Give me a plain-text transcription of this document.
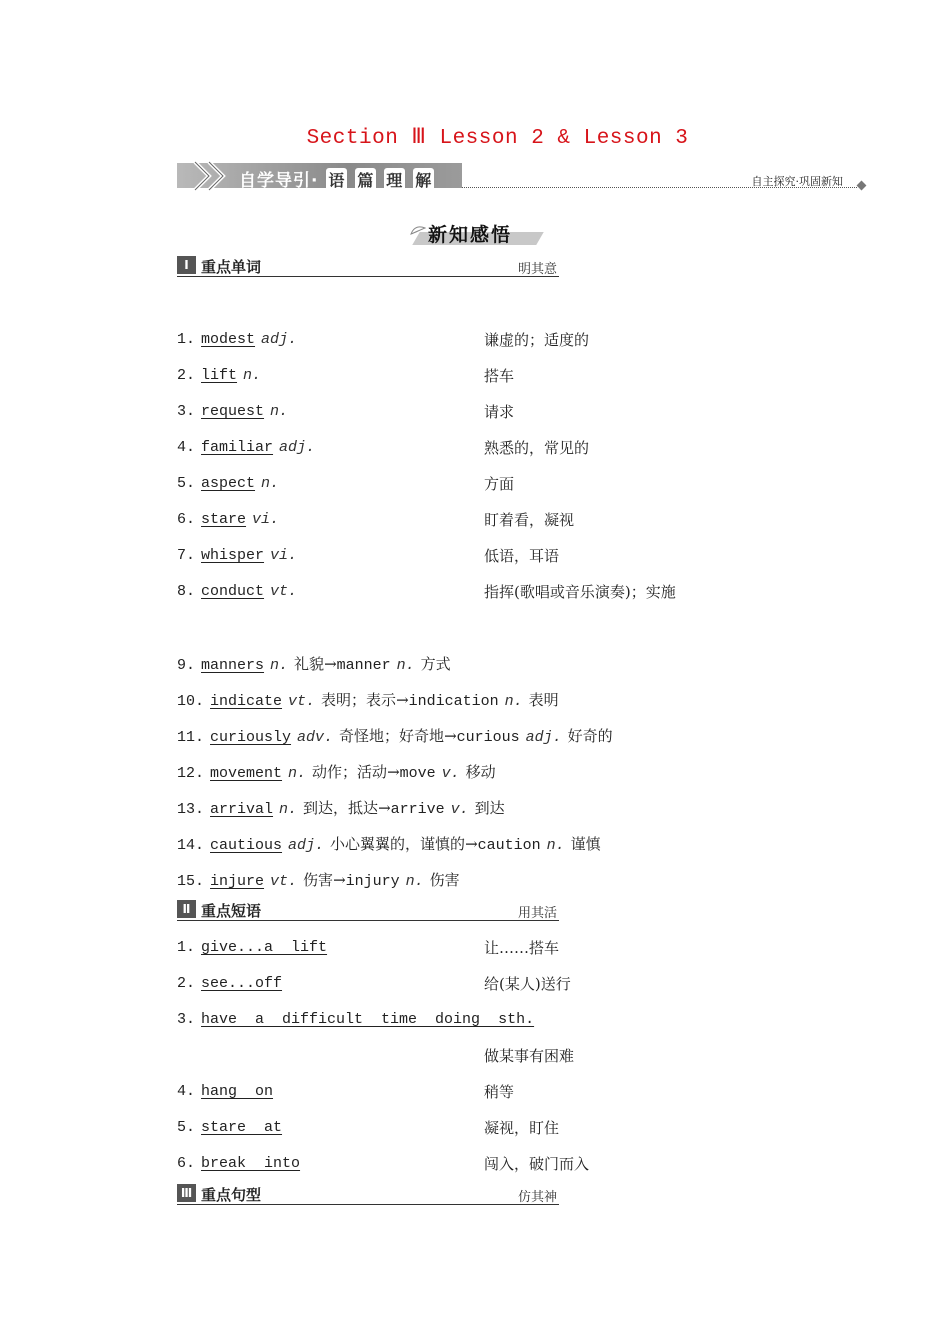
Section Ⅲ Lesson 2 & Lesson 3
自学导引· 语 篇 理 解	自主探究·巩固新知
新知感悟
Ⅰ 重点单词	明其意
1. modest adj.	谦虚的；适度的
2. lift n.	搭车
3. request n.	请求
4. familiar adj.	熟悉的，常见的
5. aspect n.	方面
6. stare vi.	盯着看，凝视
7. whisper vi.	低语，耳语
8. conduct vt.	指挥(歌唱或音乐演奏)；实施
9. manners n. 礼貌→manner n. 方式
10. indicate vt. 表明；表示→indication n. 表明
11. curiously adv. 奇怪地；好奇地→curious adj. 好奇的
12. movement n. 动作；活动→move v. 移动
13. arrival n. 到达，抵达→arrive v. 到达
14. cautious adj. 小心翼翼的，谨慎的→caution n. 谨慎
15. injure vt. 伤害→injury n. 伤害
Ⅱ 重点短语	用其活
1. give...a  lift	让……搭车
2. see...off	给(某人)送行
3. have  a  difficult  time  doing  sth.
做某事有困难
4. hang  on	稍等
5. stare  at	凝视，盯住
6. break  into	闯入，破门而入
Ⅲ 重点句型	仿其神
